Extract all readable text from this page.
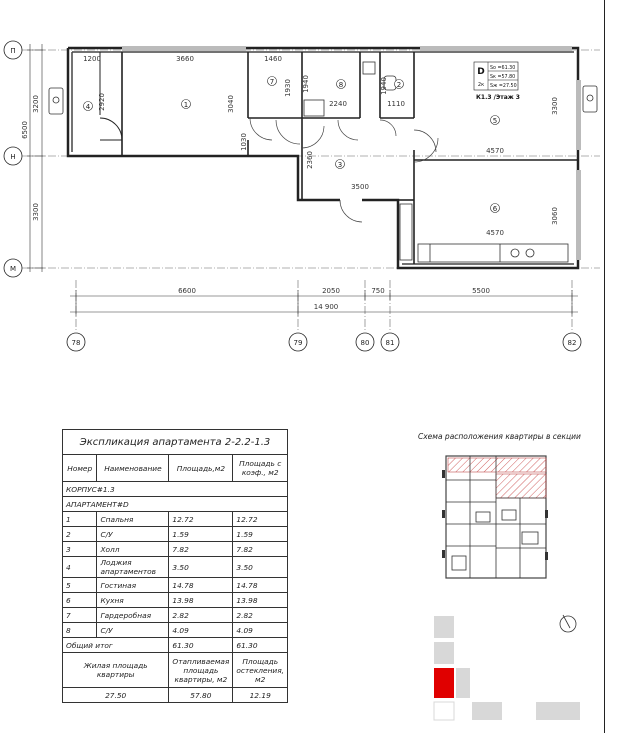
П
Н
М
78	79	80 81	82
3200
6500
3300
6600	2050	750	5500
14 900
1200	3660	1460
1940	1940
2920	3040
1930
2240	1110
1030
2360
3500
4570
3300
4570
3060
1
2
3
4
5
6
7	8
D
2к
Sо =61.30
Sк =57.80
Sж =27.50
К1.3 /Этаж 3
Экспликация апартамента 2-2.2-1.3			
Номер	Наименование	Площадь,м2	Площадь с коэф., м2
КОРПУС#1.3			
АПАРТАМЕНТ#D			
1	Спальня	12.72	12.72
2	С/У	1.59	1.59
3	Холл	7.82	7.82
4	Лоджия апартаментов	3.50	3.50
5	Гостиная	14.78	14.78
6	Кухня	13.98	13.98
7	Гардеробная	2.82	2.82
8	С/У	4.09	4.09
Общий итог		61.30	61.30
Жилая площадь квартиры		Отапливаемая площадь квартиры, м2	Площадь остекления, м2
27.50		57.80	12.19
Схема расположения квартиры в секции
